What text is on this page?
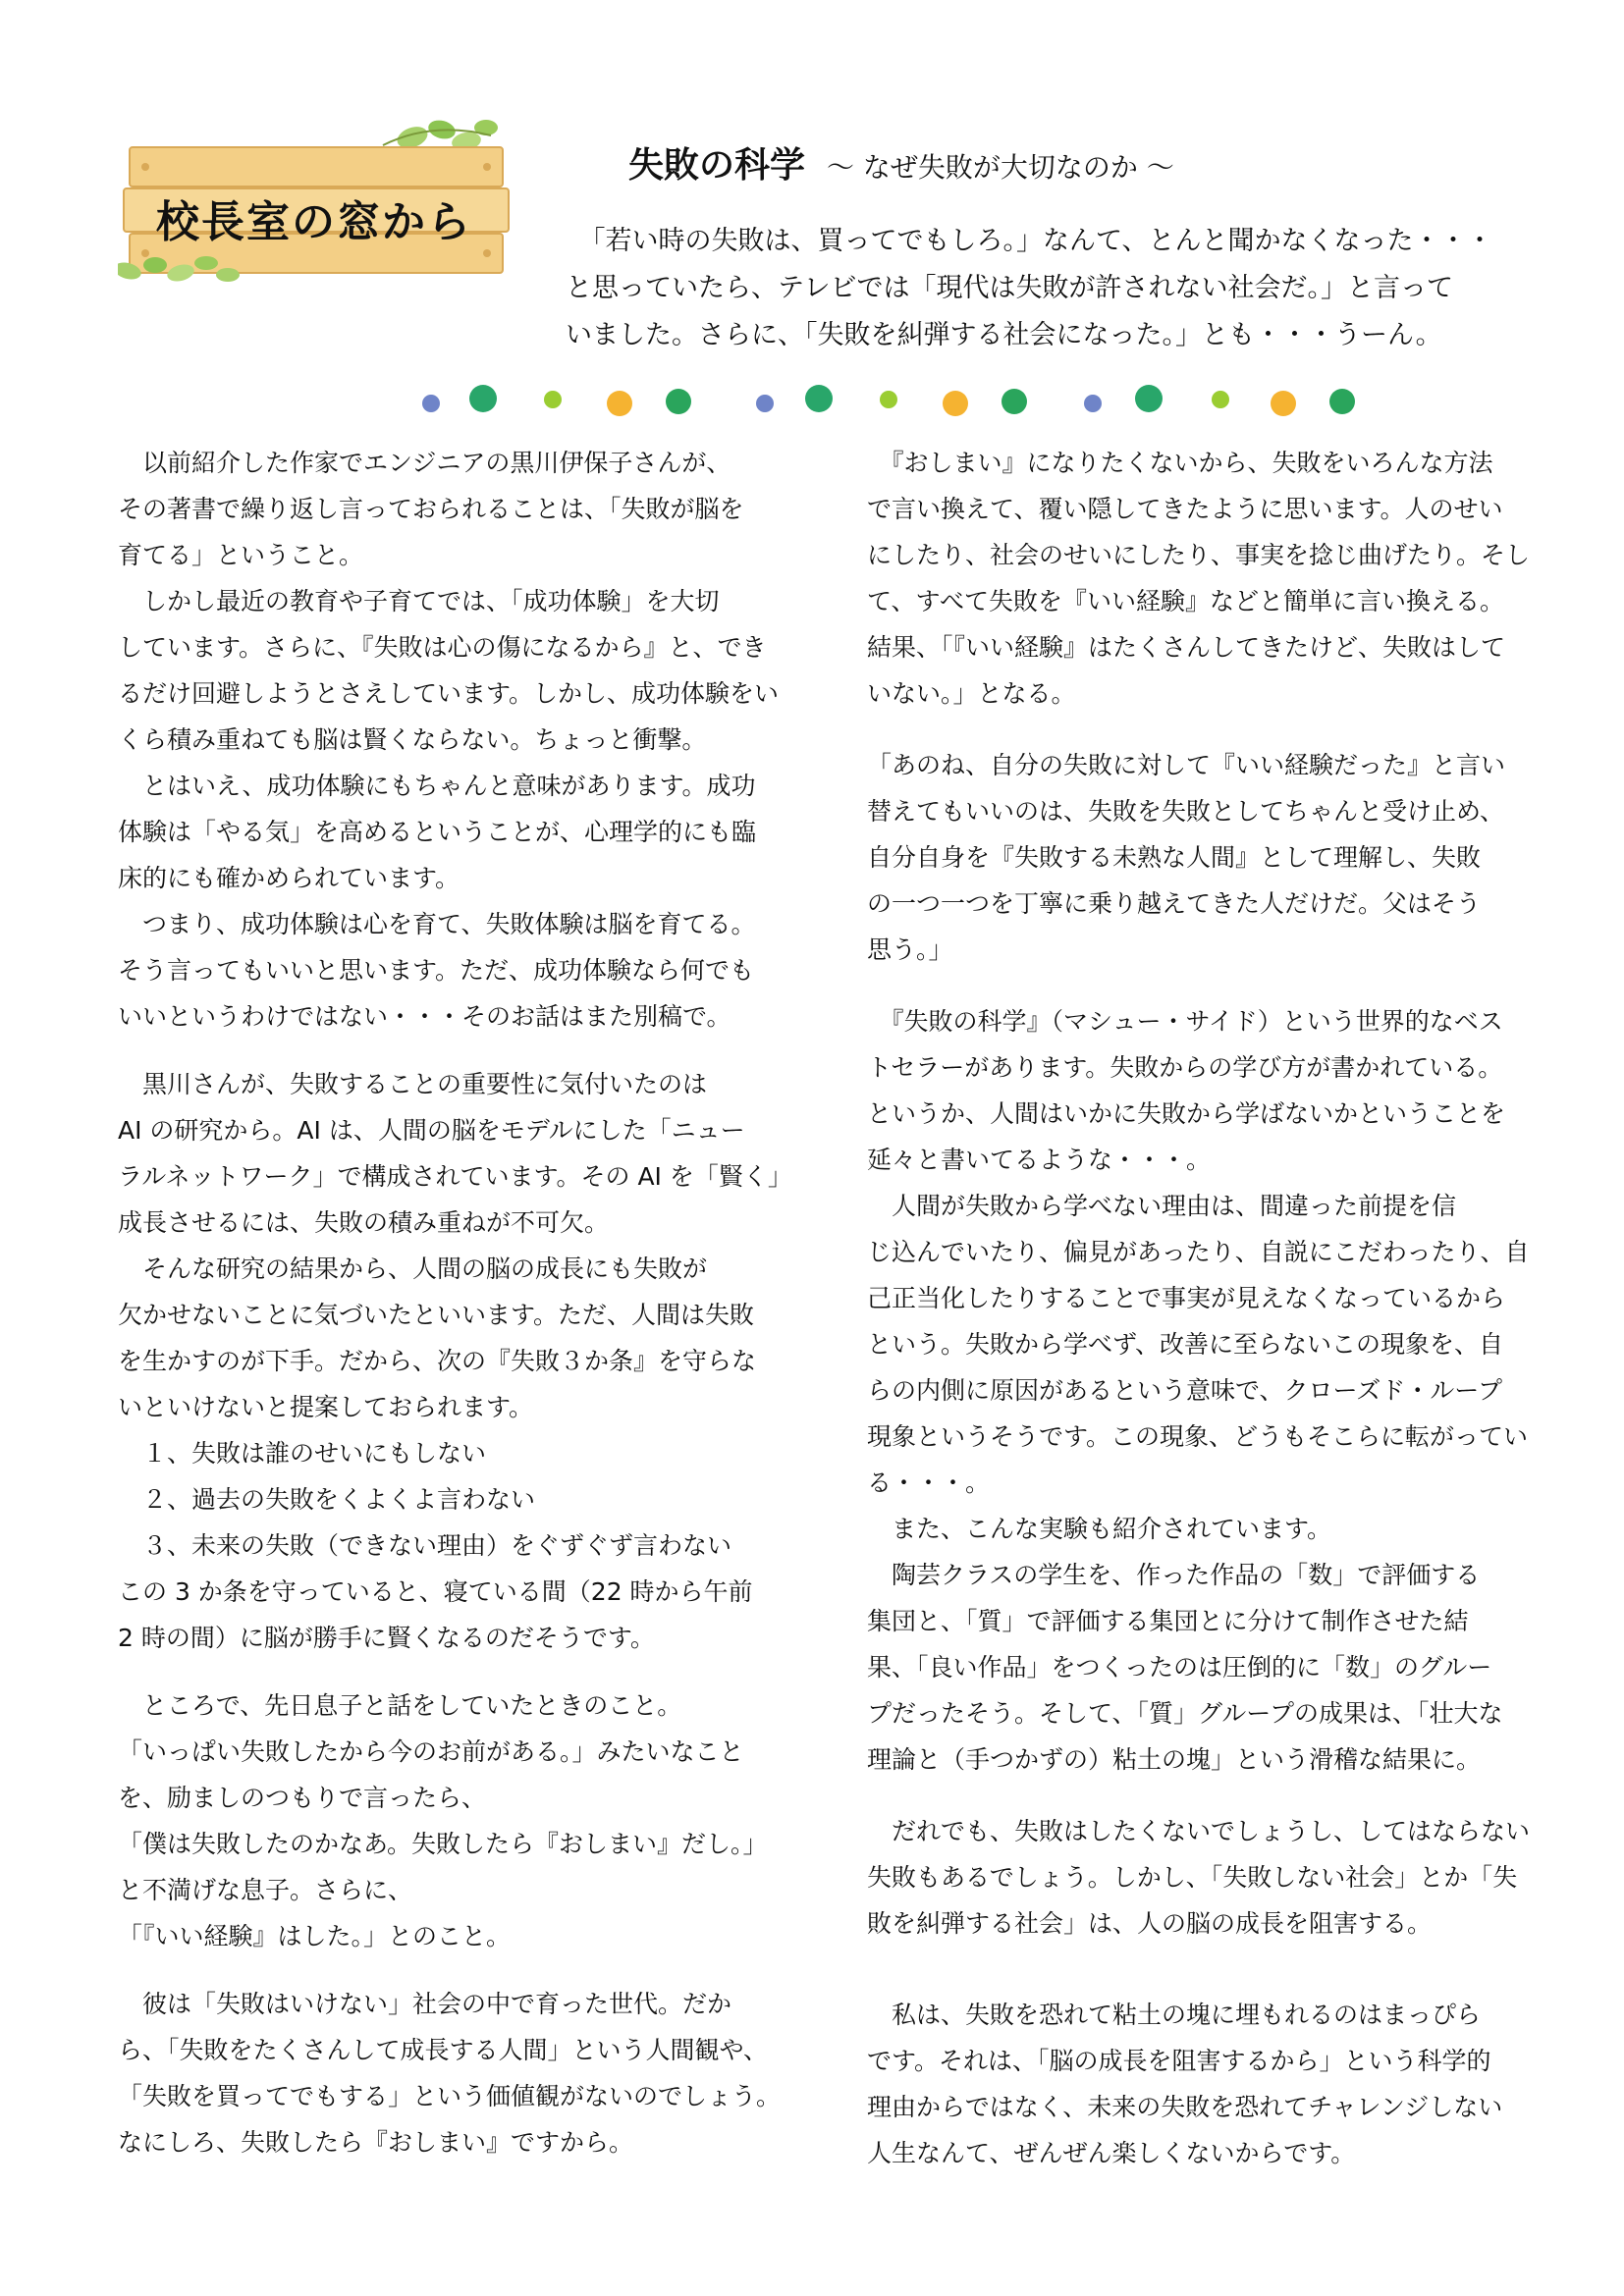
校長室の窓から
失敗の科学 ～ なぜ失敗が大切なのか ～

　「若い時の失敗は、買ってでもしろ。」なんて、とんと聞かなくなった・・・

と思っていたら、テレビでは「現代は失敗が許されない社会だ。」と言って

いました。さらに、「失敗を糾弾する社会になった。」とも・・・うーん。

　以前紹介した作家でエンジニアの黒川伊保子さんが、

その著書で繰り返し言っておられることは、「失敗が脳を

育てる」ということ。

　しかし最近の教育や子育てでは、「成功体験」を大切

しています。さらに、『失敗は心の傷になるから』と、でき

るだけ回避しようとさえしています。しかし、成功体験をい

くら積み重ねても脳は賢くならない。ちょっと衝撃。

　とはいえ、成功体験にもちゃんと意味があります。成功

体験は「やる気」を高めるということが、心理学的にも臨

床的にも確かめられています。

　つまり、成功体験は心を育て、失敗体験は脳を育てる。

そう言ってもいいと思います。ただ、成功体験なら何でも

いいというわけではない・・・そのお話はまた別稿で。

　黒川さんが、失敗することの重要性に気付いたのは

AI の研究から。AI は、人間の脳をモデルにした「ニュー

ラルネットワーク」で構成されています。その AI を「賢く」

成長させるには、失敗の積み重ねが不可欠。

　そんな研究の結果から、人間の脳の成長にも失敗が

欠かせないことに気づいたといいます。ただ、人間は失敗

を生かすのが下手。だから、次の『失敗３か条』を守らな

いといけないと提案しておられます。

　１、失敗は誰のせいにもしない

　２、過去の失敗をくよくよ言わない

　３、未来の失敗（できない理由）をぐずぐず言わない

この 3 か条を守っていると、寝ている間（22 時から午前

2 時の間）に脳が勝手に賢くなるのだそうです。

　ところで、先日息子と話をしていたときのこと。

「いっぱい失敗したから今のお前がある。」みたいなこと

を、励ましのつもりで言ったら、

「僕は失敗したのかなあ。失敗したら『おしまい』だし。」

と不満げな息子。さらに、

「『いい経験』はした。」とのこと。

　彼は「失敗はいけない」社会の中で育った世代。だか

ら、「失敗をたくさんして成長する人間」という人間観や、

「失敗を買ってでもする」という価値観がないのでしょう。

なにしろ、失敗したら『おしまい』ですから。

　『おしまい』になりたくないから、失敗をいろんな方法

で言い換えて、覆い隠してきたように思います。人のせい

にしたり、社会のせいにしたり、事実を捻じ曲げたり。そし

て、すべて失敗を『いい経験』などと簡単に言い換える。

結果、「『いい経験』はたくさんしてきたけど、失敗はして

いない。」となる。

「あのね、自分の失敗に対して『いい経験だった』と言い

替えてもいいのは、失敗を失敗としてちゃんと受け止め、

自分自身を『失敗する未熟な人間』として理解し、失敗

の一つ一つを丁寧に乗り越えてきた人だけだ。父はそう

思う。」

　『失敗の科学』（マシュー・サイド）という世界的なベス

トセラーがあります。失敗からの学び方が書かれている。

というか、人間はいかに失敗から学ばないかということを

延々と書いてるような・・・。

　人間が失敗から学べない理由は、間違った前提を信

じ込んでいたり、偏見があったり、自説にこだわったり、自

己正当化したりすることで事実が見えなくなっているから

という。失敗から学べず、改善に至らないこの現象を、自

らの内側に原因があるという意味で、クローズド・ループ

現象というそうです。この現象、どうもそこらに転がってい

る・・・。

　また、こんな実験も紹介されています。

　陶芸クラスの学生を、作った作品の「数」で評価する

集団と、「質」で評価する集団とに分けて制作させた結

果、「良い作品」をつくったのは圧倒的に「数」のグルー

プだったそう。そして、「質」グループの成果は、「壮大な

理論と（手つかずの）粘土の塊」という滑稽な結果に。

　だれでも、失敗はしたくないでしょうし、してはならない

失敗もあるでしょう。しかし、「失敗しない社会」とか「失

敗を糾弾する社会」は、人の脳の成長を阻害する。

　私は、失敗を恐れて粘土の塊に埋もれるのはまっぴら

です。それは、「脳の成長を阻害するから」という科学的

理由からではなく、未来の失敗を恐れてチャレンジしない

人生なんて、ぜんぜん楽しくないからです。
